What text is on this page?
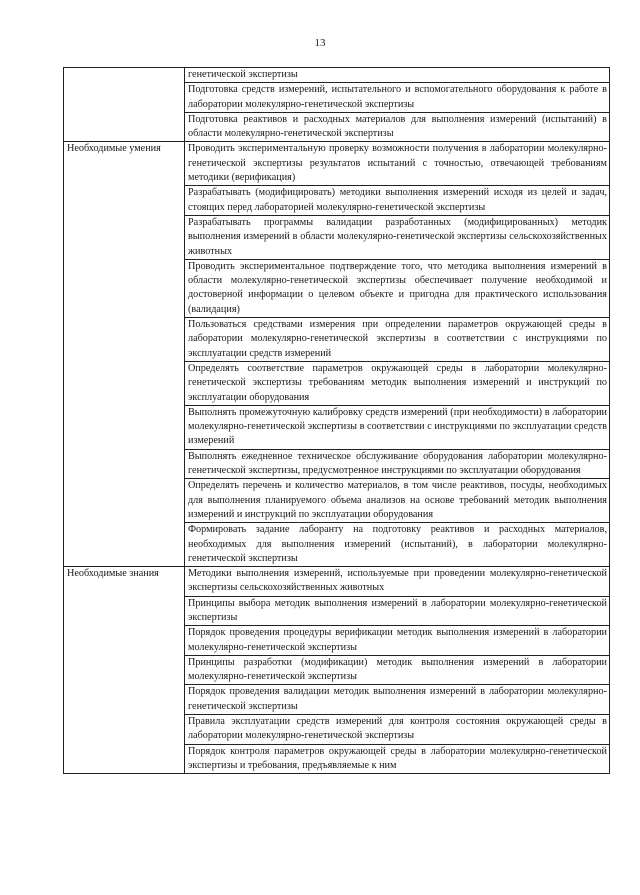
13
	генетической экспертизы
	Подготовка средств измерений, испытательного и вспомогательного оборудования к работе в лаборатории молекулярно-генетической экспертизы
	Подготовка реактивов и расходных материалов для выполнения измерений (испытаний) в области молекулярно-генетической экспертизы
Необходимые умения	Проводить экспериментальную проверку возможности получения в лаборатории молекулярно-генетической экспертизы результатов испытаний с точностью, отвечающей требованиям методики (верификация)
	Разрабатывать (модифицировать) методики выполнения измерений исходя из целей и задач, стоящих перед лабораторией молекулярно-генетической экспертизы
	Разрабатывать программы валидации разработанных (модифицированных) методик выполнения измерений в области молекулярно-генетической экспертизы сельскохозяйственных животных
	Проводить экспериментальное подтверждение того, что методика выполнения измерений в области молекулярно-генетической экспертизы обеспечивает получение необходимой и достоверной информации о целевом объекте и пригодна для практического использования (валидация)
	Пользоваться средствами измерения при определении параметров окружающей среды в лаборатории молекулярно-генетической экспертизы в соответствии с инструкциями по эксплуатации средств измерений
	Определять соответствие параметров окружающей среды в лаборатории молекулярно-генетической экспертизы требованиям методик выполнения измерений и инструкций по эксплуатации оборудования
	Выполнять промежуточную калибровку средств измерений (при необходимости) в лаборатории молекулярно-генетической экспертизы в соответствии с инструкциями по эксплуатации средств измерений
	Выполнять ежедневное техническое обслуживание оборудования лаборатории молекулярно-генетической экспертизы, предусмотренное инструкциями по эксплуатации оборудования
	Определять перечень и количество материалов, в том числе реактивов, посуды, необходимых для выполнения планируемого объема анализов на основе требований методик выполнения измерений и инструкций по эксплуатации оборудования
	Формировать задание лаборанту на подготовку реактивов и расходных материалов, необходимых для выполнения измерений (испытаний), в лаборатории молекулярно-генетической экспертизы
Необходимые знания	Методики выполнения измерений, используемые при проведении молекулярно-генетической экспертизы сельскохозяйственных животных
	Принципы выбора методик выполнения измерений в лаборатории молекулярно-генетической экспертизы
	Порядок проведения процедуры верификации методик выполнения измерений в лаборатории молекулярно-генетической экспертизы
	Принципы разработки (модификации) методик выполнения измерений в лаборатории молекулярно-генетической экспертизы
	Порядок проведения валидации методик выполнения измерений в лаборатории молекулярно-генетической экспертизы
	Правила эксплуатации средств измерений для контроля состояния окружающей среды в лаборатории молекулярно-генетической экспертизы
	Порядок контроля параметров окружающей среды в лаборатории молекулярно-генетической экспертизы и требования, предъявляемые к ним
